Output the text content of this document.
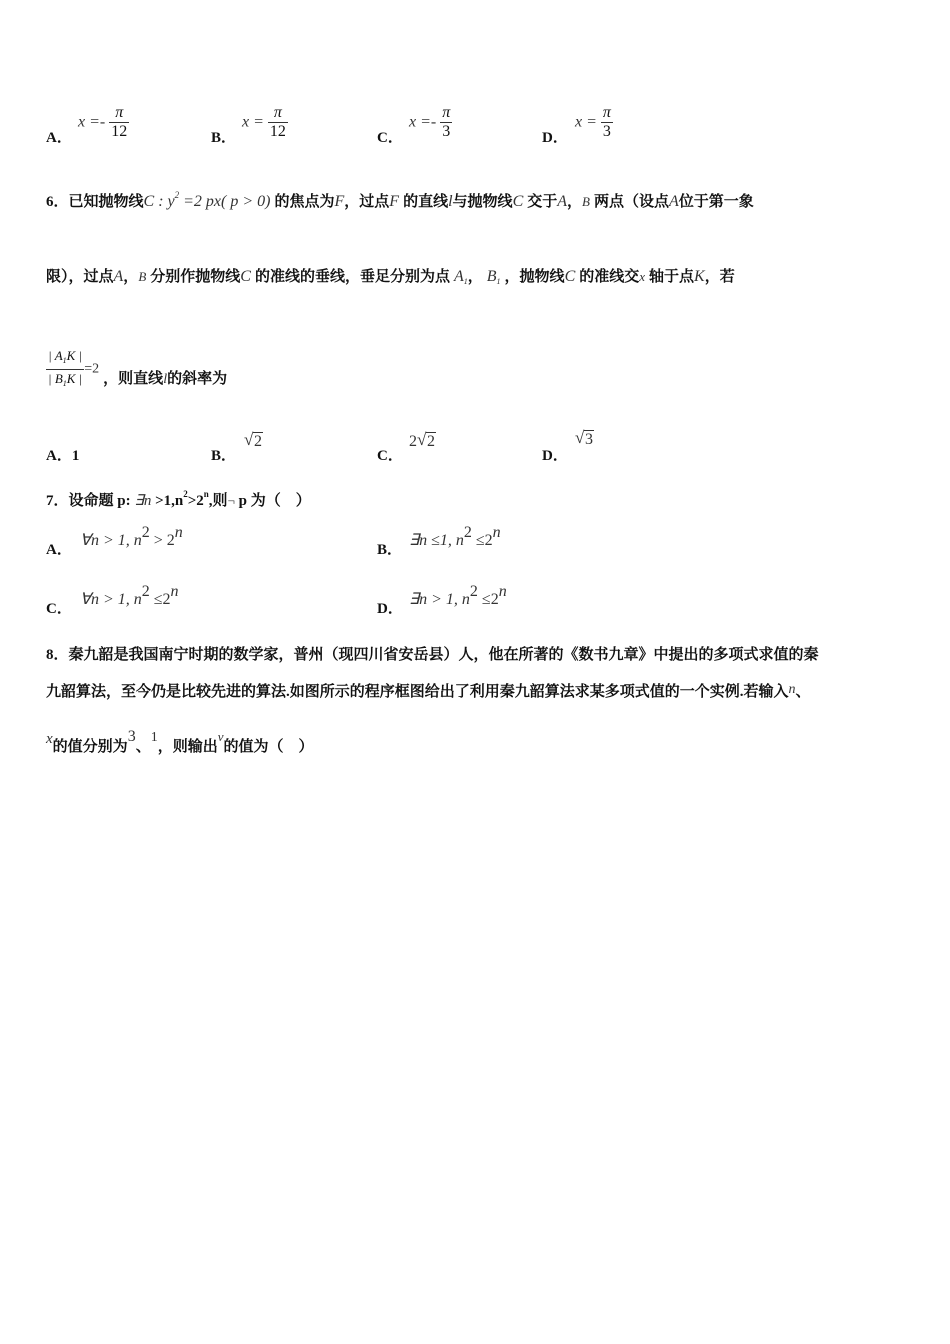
A．
$x =- \frac{\pi}{12}$	B．
$x = \frac{\pi}{12}$	C．
$x =- \frac{\pi}{3}$	D．
$x = \frac{\pi}{3}$
6．已知抛物线C : $y^2 =2$ px( p > 0) 的焦点为F，过点F 的直线l与抛物线C 交于A，B 两点（设点A位于第一象
限），过点A，B 分别作抛物线C 的准线的垂线，垂足分别为点 $A_1$， $B_1$ ，抛物线C 的准线交x 轴于点K，若
$\frac{| A_1K |}{| B_1K |} =2$ ，则直线l的斜率为
A．1	B．
√ 2
C．
2 √ 2
D．
√ 3
7．设命题 p: ∃n $>1,n^2>2^n$,则¬ p 为（　）
A．
∀n > 1, $n^2 > 2^n$
B．
∃n ≤1, $n^2 \le 2^n$
C．
∀n > 1, $n^2 \le 2^n$
D．
∃n > 1, $n^2 \le 2^n$
8．秦九韶是我国南宁时期的数学家，普州（现四川省安岳县）人，他在所著的《数书九章》中提出的多项式求值的秦
九韶算法，至今仍是比较先进的算法.如图所示的程序框图给出了利用秦九韶算法求某多项式值的一个实例.若输入n、
x的值分别为3、1，则输出$^v$的值为（　）
